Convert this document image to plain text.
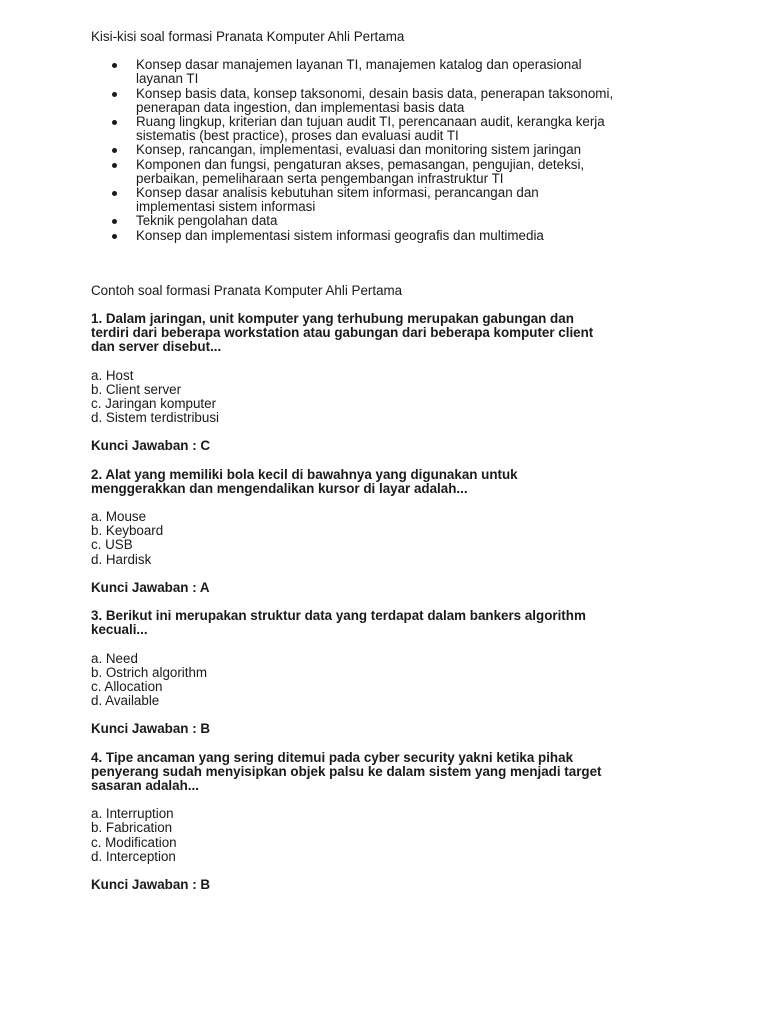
Kisi-kisi soal formasi Pranata Komputer Ahli Pertama
Konsep dasar manajemen layanan TI, manajemen katalog dan operasional
layanan TI
Konsep basis data, konsep taksonomi, desain basis data, penerapan taksonomi,
penerapan data ingestion, dan implementasi basis data
Ruang lingkup, kriterian dan tujuan audit TI, perencanaan audit, kerangka kerja
sistematis (best practice), proses dan evaluasi audit TI
Konsep, rancangan, implementasi, evaluasi dan monitoring sistem jaringan
Komponen dan fungsi, pengaturan akses, pemasangan, pengujian, deteksi,
perbaikan, pemeliharaan serta pengembangan infrastruktur TI
Konsep dasar analisis kebutuhan sitem informasi, perancangan dan
implementasi sistem informasi
Teknik pengolahan data
Konsep dan implementasi sistem informasi geografis dan multimedia
Contoh soal formasi Pranata Komputer Ahli Pertama
1. Dalam jaringan, unit komputer yang terhubung merupakan gabungan dan
terdiri dari beberapa workstation atau gabungan dari beberapa komputer client
dan server disebut...
a. Host
b. Client server
c. Jaringan komputer
d. Sistem terdistribusi
Kunci Jawaban : C
2. Alat yang memiliki bola kecil di bawahnya yang digunakan untuk
menggerakkan dan mengendalikan kursor di layar adalah...
a. Mouse
b. Keyboard
c. USB
d. Hardisk
Kunci Jawaban : A
3. Berikut ini merupakan struktur data yang terdapat dalam bankers algorithm
kecuali...
a. Need
b. Ostrich algorithm
c. Allocation
d. Available
Kunci Jawaban : B
4. Tipe ancaman yang sering ditemui pada cyber security yakni ketika pihak
penyerang sudah menyisipkan objek palsu ke dalam sistem yang menjadi target
sasaran adalah...
a. Interruption
b. Fabrication
c. Modification
d. Interception
Kunci Jawaban : B
